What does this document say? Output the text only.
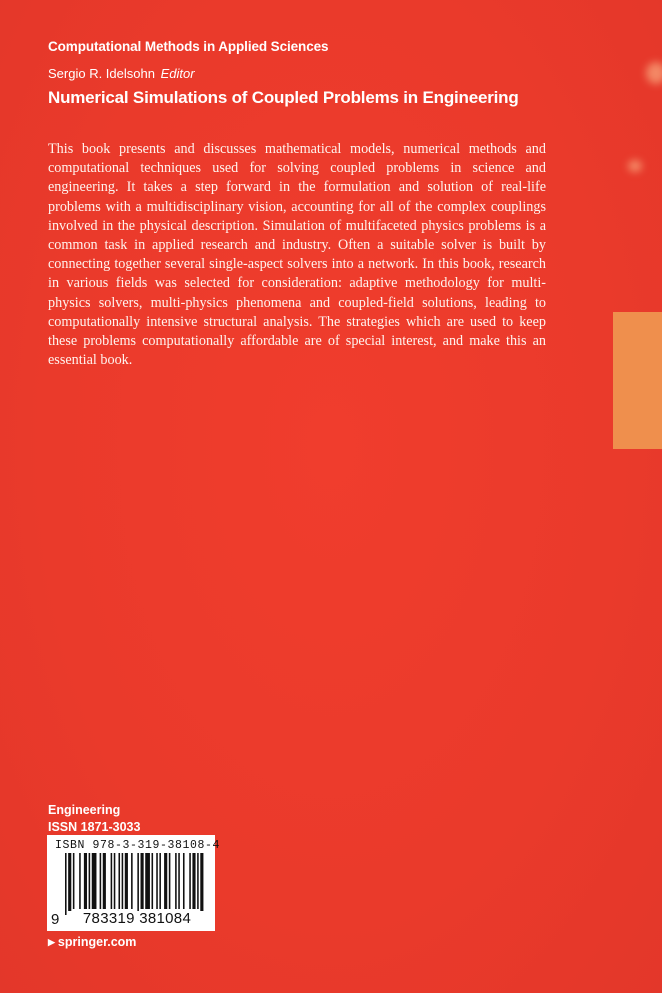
Computational Methods in Applied Sciences
Sergio R. Idelsohn Editor
Numerical Simulations of Coupled Problems in Engineering
This book presents and discusses mathematical models, numerical methods and computational techniques used for solving coupled problems in science and engineering. It takes a step forward in the formulation and solution of real-life problems with a multidisciplinary vision, accounting for all of the complex couplings involved in the physical description. Simulation of multifaceted physics problems is a common task in applied research and industry. Often a suitable solver is built by connecting together several single-aspect solvers into a network. In this book, research in various fields was selected for consideration: adaptive methodology for multi-physics solvers, multi-physics phenomena and coupled-field solutions, leading to computationally intensive structural analysis. The strategies which are used to keep these problems computationally affordable are of special interest, and make this an essential book.
Engineering
ISSN 1871-3033
ISBN 978-3-319-38108-4
9	783319 381084
▶ springer.com
